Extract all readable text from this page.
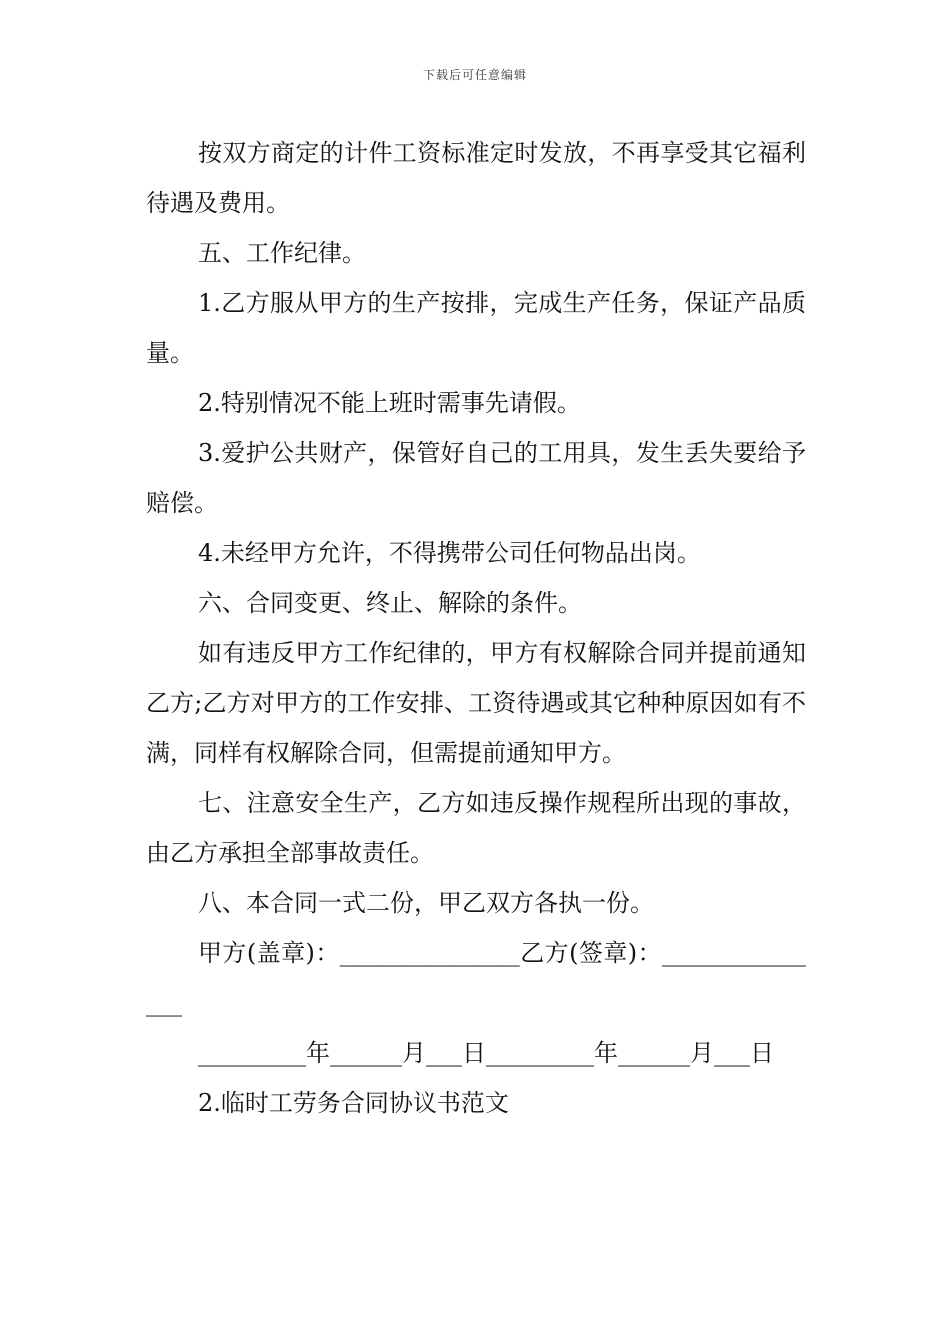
下载后可任意编辑

按双方商定的计件工资标准定时发放，不再享受其它福利待遇及费用。

五、工作纪律。

1.乙方服从甲方的生产按排，完成生产任务，保证产品质量。

2.特别情况不能上班时需事先请假。

3.爱护公共财产，保管好自己的工用具，发生丢失要给予赔偿。

4.未经甲方允许，不得携带公司任何物品出岗。

六、合同变更、终止、解除的条件。

如有违反甲方工作纪律的，甲方有权解除合同并提前通知乙方;乙方对甲方的工作安排、工资待遇或其它种种原因如有不满，同样有权解除合同，但需提前通知甲方。

七、注意安全生产，乙方如违反操作规程所出现的事故，由乙方承担全部事故责任。

八、本合同一式二份，甲乙双方各执一份。

甲方(盖章)：_______________乙方(签章)：_______________

_________年______月___日_________年______月___日

2.临时工劳务合同协议书范文
